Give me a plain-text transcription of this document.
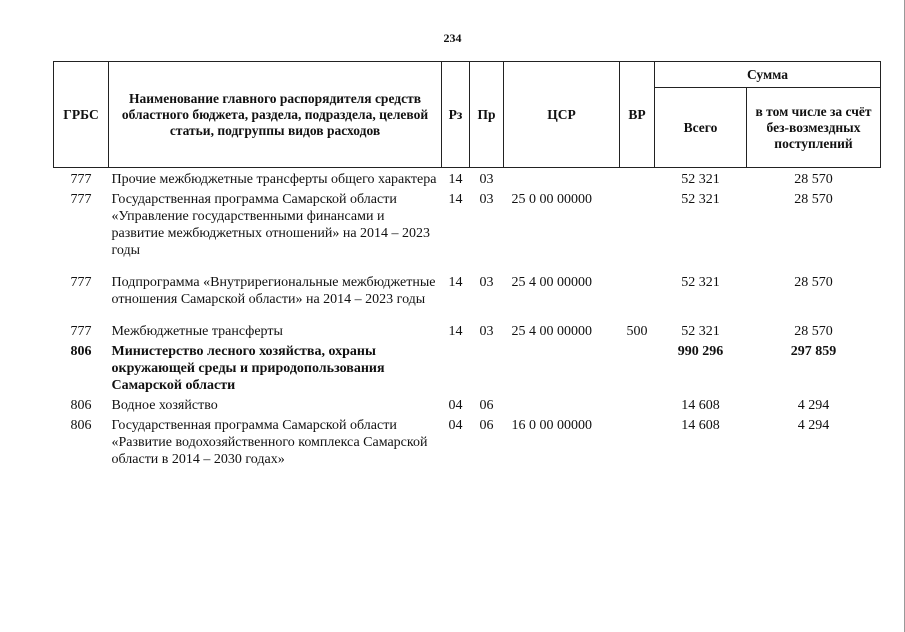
234
ГРБС	Наименование главного распорядителя средств областного бюджета, раздела, подраздела, целевой статьи, подгруппы видов расходов	Рз	Пр	ЦСР	ВР	Сумма	
						Всего	в том числе за счёт без-возмездных поступлений
777	Прочие межбюджетные трансферты общего характера	14	03			52 321	28 570
777	Государственная программа Самарской области «Управление государственными финансами и развитие межбюджетных отношений» на 2014 – 2023 годы	14	03	25 0 00 00000		52 321	28 570
777	Подпрограмма «Внутрирегиональные межбюджетные отношения Самарской области» на 2014 – 2023 годы	14	03	25 4 00 00000		52 321	28 570
777	Межбюджетные трансферты	14	03	25 4 00 00000	500	52 321	28 570
806	Министерство лесного хозяйства, охраны окружающей среды и природопользования Самарской области					990 296	297 859
806	Водное хозяйство	04	06			14 608	4 294
806	Государственная программа Самарской области «Развитие водохозяйственного комплекса Самарской области в 2014 – 2030 годах»	04	06	16 0 00 00000		14 608	4 294
